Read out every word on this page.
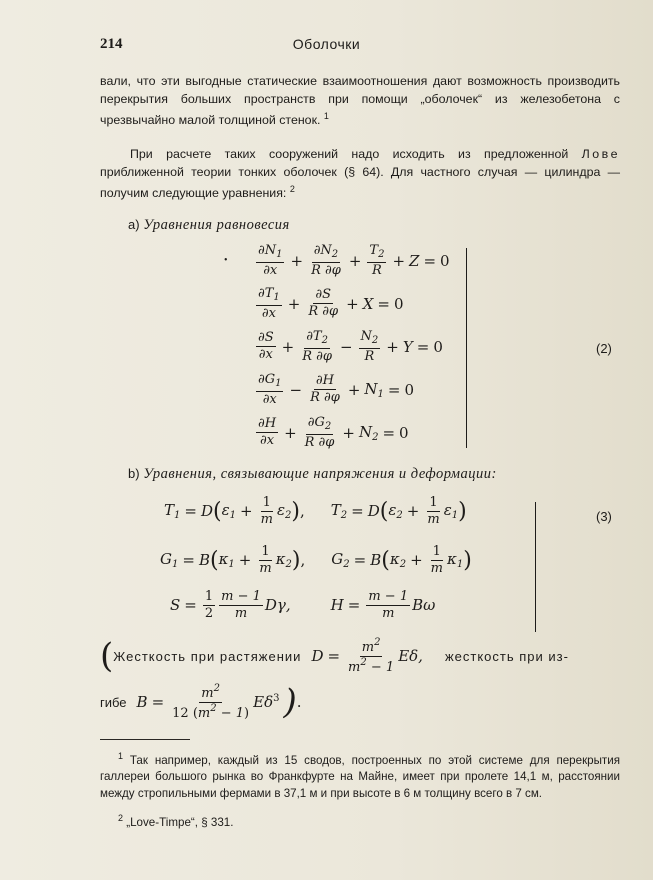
214	Оболочки
вали, что эти выгодные статические взаимоотношения дают возможность производить перекрытия больших пространств при помощи „оболочек“ из железобетона с чрезвычайно малой толщиной стенок. $^1$
При расчете таких сооружений надо исходить из предложенной Лове приближенной теории тонких оболочек (§ 64). Для частного случая — цилиндра — получим следующие уравнения: $^2$
а) Уравнения равновесия
• $\frac{\partial N_1}{\partial x} + \frac{\partial N_2}{R \partial\varphi} + \frac{T_2}{R} + Z = 0$
$\frac{\partial T_1}{\partial x} + \frac{\partial S}{R \partial\varphi} + X = 0$
$\frac{\partial S}{\partial x} + \frac{\partial T_2}{R \partial\varphi} - \frac{N_2}{R} + Y = 0$
$\frac{\partial G_1}{\partial x} - \frac{\partial H}{R \partial\varphi} + N_1 = 0$
$\frac{\partial H}{\partial x} + \frac{\partial G_2}{R \partial\varphi} + N_2 = 0$
(2)
b) Уравнения, связывающие напряжения и деформации:
$T_1 = D$ ( $\varepsilon_1 + \frac{1}{m} \varepsilon_2$ ) , $T_2 = D$ ( $\varepsilon_2 + \frac{1}{m} \varepsilon_1$ )
$G_1 = B$ ( $\kappa_1 + \frac{1}{m} \kappa_2$ ) , $G_2 = B$ ( $\kappa_2 + \frac{1}{m} \kappa_1$ )
$S = \frac{1}{2} \frac{m - 1}{m} D\gamma$,	$H = \frac{m - 1}{m}$ Bω
(3)
( Жесткость при растяжении $D = \frac{m^2}{m^2 - 1} E\delta$, жесткость при из-
гибе $B = \frac{m^2}{12 (m^2 - 1)} E\delta^3$ ) .
$^1$ Так например, каждый из 15 сводов, построенных по этой системе для перекрытия галлереи большого рынка во Франкфурте на Майне, имеет при пролете 14,1 м, расстоянии между стропильными фермами в 37,1 м и при высоте в 6 м толщину всего в 7 см.
$^2$ „Love-Timpe“, § 331.
